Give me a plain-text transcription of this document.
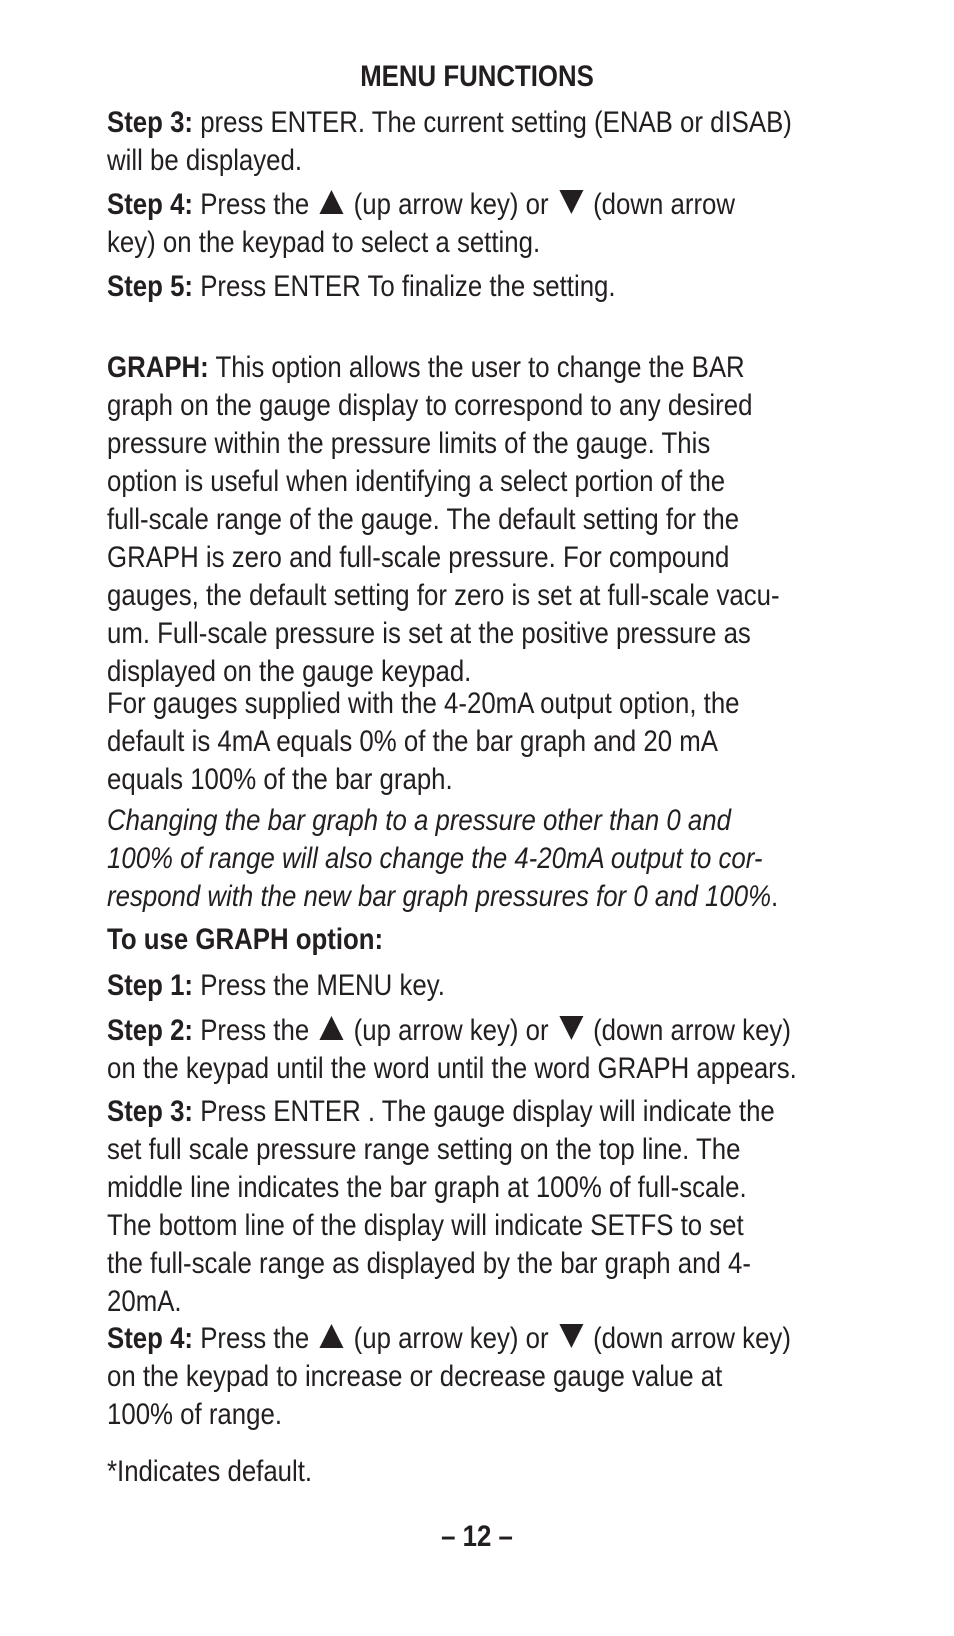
MENU FUNCTIONS
Step 3: press ENTER. The current setting (ENAB or dISAB)
will be displayed.
Step 4: Press the  (up arrow key) or  (down arrow
key) on the keypad to select a setting.
Step 5: Press ENTER To finalize the setting.
GRAPH: This option allows the user to change the BAR
graph on the gauge display to correspond to any desired
pressure within the pressure limits of the gauge. This
option is useful when identifying a select portion of the
full-scale range of the gauge. The default setting for the
GRAPH is zero and full-scale pressure. For compound
gauges, the default setting for zero is set at full-scale vacu-
um. Full-scale pressure is set at the positive pressure as
displayed on the gauge keypad.
For gauges supplied with the 4-20mA output option, the
default is 4mA equals 0% of the bar graph and 20 mA
equals 100% of the bar graph.
Changing the bar graph to a pressure other than 0 and
100% of range will also change the 4-20mA output to cor-
respond with the new bar graph pressures for 0 and 100%.
To use GRAPH option:
Step 1: Press the MENU key.
Step 2: Press the  (up arrow key) or  (down arrow key)
on the keypad until the word until the word GRAPH appears.
Step 3: Press ENTER . The gauge display will indicate the
set full scale pressure range setting on the top line. The
middle line indicates the bar graph at 100% of full-scale.
The bottom line of the display will indicate SETFS to set
the full-scale range as displayed by the bar graph and 4-
20mA.
Step 4: Press the  (up arrow key) or  (down arrow key)
on the keypad to increase or decrease gauge value at
100% of range.
*Indicates default.
– 12 –
